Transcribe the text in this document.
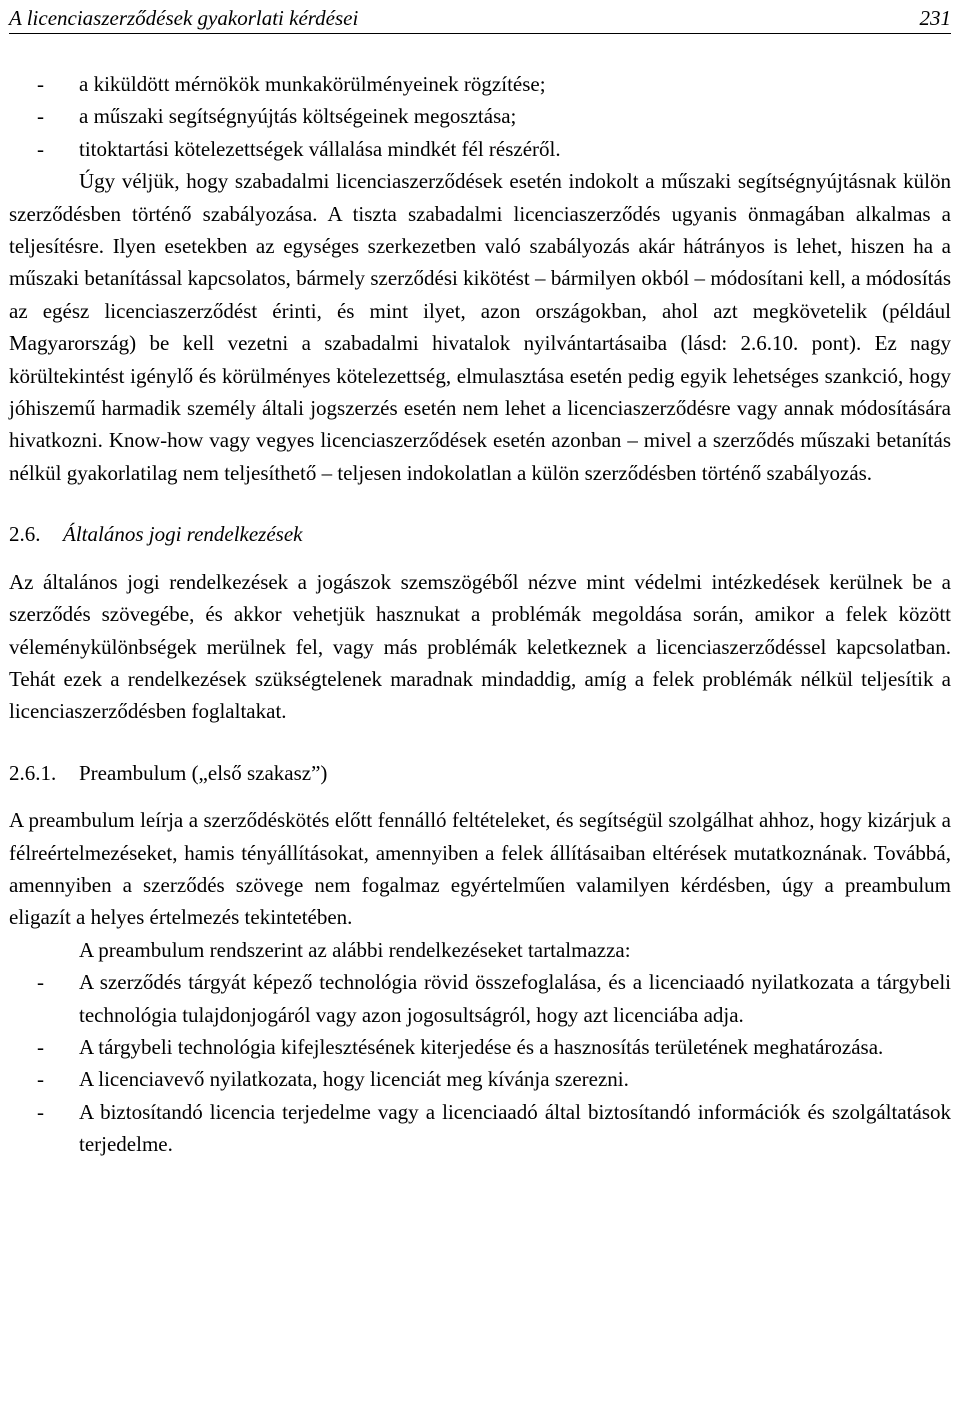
A licenciaszerződések gyakorlati kérdései	231
- a kiküldött mérnökök munkakörülményeinek rögzítése;
- a műszaki segítségnyújtás költségeinek megosztása;
- titoktartási kötelezettségek vállalása mindkét fél részéről.

Úgy véljük, hogy szabadalmi licenciaszerződések esetén indokolt a műszaki segítségnyújtásnak külön szerződésben történő szabályozása. A tiszta szabadalmi licenciaszerződés ugyanis önmagában alkalmas a teljesítésre. Ilyen esetekben az egységes szerkezetben való szabályozás akár hátrányos is lehet, hiszen ha a műszaki betanítással kapcsolatos, bármely szerződési kikötést – bármilyen okból – módosítani kell, a módosítás az egész licenciaszerződést érinti, és mint ilyet, azon országokban, ahol azt megkövetelik (például Magyarország) be kell vezetni a szabadalmi hivatalok nyilvántartásaiba (lásd: 2.6.10. pont). Ez nagy körültekintést igénylő és körülményes kötelezettség, elmulasztása esetén pedig egyik lehetséges szankció, hogy jóhiszemű harmadik személy általi jogszerzés esetén nem lehet a licenciaszerződésre vagy annak módosítására hivatkozni. Know-how vagy vegyes licenciaszerződések esetén azonban – mivel a szerződés műszaki betanítás nélkül gyakorlatilag nem teljesíthető – teljesen indokolatlan a külön szerződésben történő szabályozás.

2.6. Általános jogi rendelkezések

Az általános jogi rendelkezések a jogászok szemszögéből nézve mint védelmi intézkedések kerülnek be a szerződés szövegébe, és akkor vehetjük hasznukat a problémák megoldása során, amikor a felek között véleménykülönbségek merülnek fel, vagy más problémák keletkeznek a licenciaszerződéssel kapcsolatban. Tehát ezek a rendelkezések szükségtelenek maradnak mindaddig, amíg a felek problémák nélkül teljesítik a licenciaszerződésben foglaltakat.

2.6.1. Preambulum („első szakasz”)

A preambulum leírja a szerződéskötés előtt fennálló feltételeket, és segítségül szolgálhat ahhoz, hogy kizárjuk a félreértelmezéseket, hamis tényállításokat, amennyiben a felek állításaiban eltérések mutatkoznának. Továbbá, amennyiben a szerződés szövege nem fogalmaz egyértelműen valamilyen kérdésben, úgy a preambulum eligazít a helyes értelmezés tekintetében.

A preambulum rendszerint az alábbi rendelkezéseket tartalmazza:

- A szerződés tárgyát képező technológia rövid összefoglalása, és a licenciaadó nyilatkozata a tárgybeli technológia tulajdonjogáról vagy azon jogosultságról, hogy azt licenciába adja.
- A tárgybeli technológia kifejlesztésének kiterjedése és a hasznosítás területének meghatározása.
- A licenciavevő nyilatkozata, hogy licenciát meg kívánja szerezni.
- A biztosítandó licencia terjedelme vagy a licenciaadó által biztosítandó információk és szolgáltatások terjedelme.
